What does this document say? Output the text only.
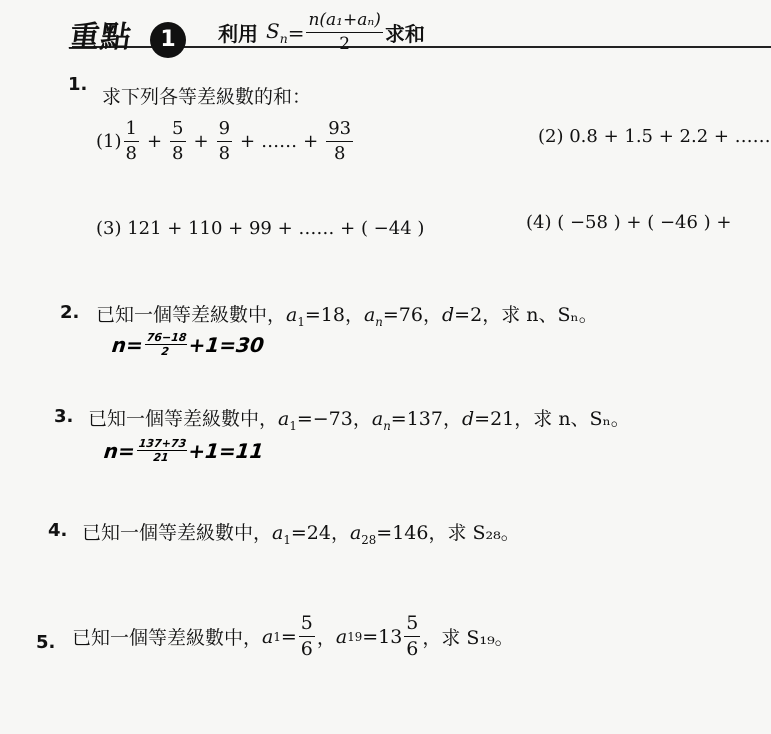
重點	1	利用 $S_n = \frac{\text{n(a₁+aₙ)}}{2}$ 求和
1.
求下列各等差級數的和：
$(1) \frac{1}{8} + \frac{5}{8} + \frac{9}{8}$ + …… + $\frac{93}{8}$	(2) 0.8 + 1.5 + 2.2 + ……
(3) 121 + 110 + 99 + …… + ( −44 )	(4) ( −58 ) + ( −46 ) +
2. 已知一個等差級數中，$a_1=18$，$a_n=76$，d=2，求 n、Sₙ。
$n= \frac{76-18}{2} +1=30$
3. 已知一個等差級數中，$a_1=-73$，$a_n=137$，d=21，求 n、Sₙ。
$n= \frac{137+73}{21} +1=11$
4. 已知一個等差級數中，$a_1=24$，$a_{28}=146$，求 S₂₈。
5. 已知一個等差級數中， a $1 = \frac{5}{6}$ ， a $19 = 13 \frac{5}{6}$ ，求 S₁₉。
